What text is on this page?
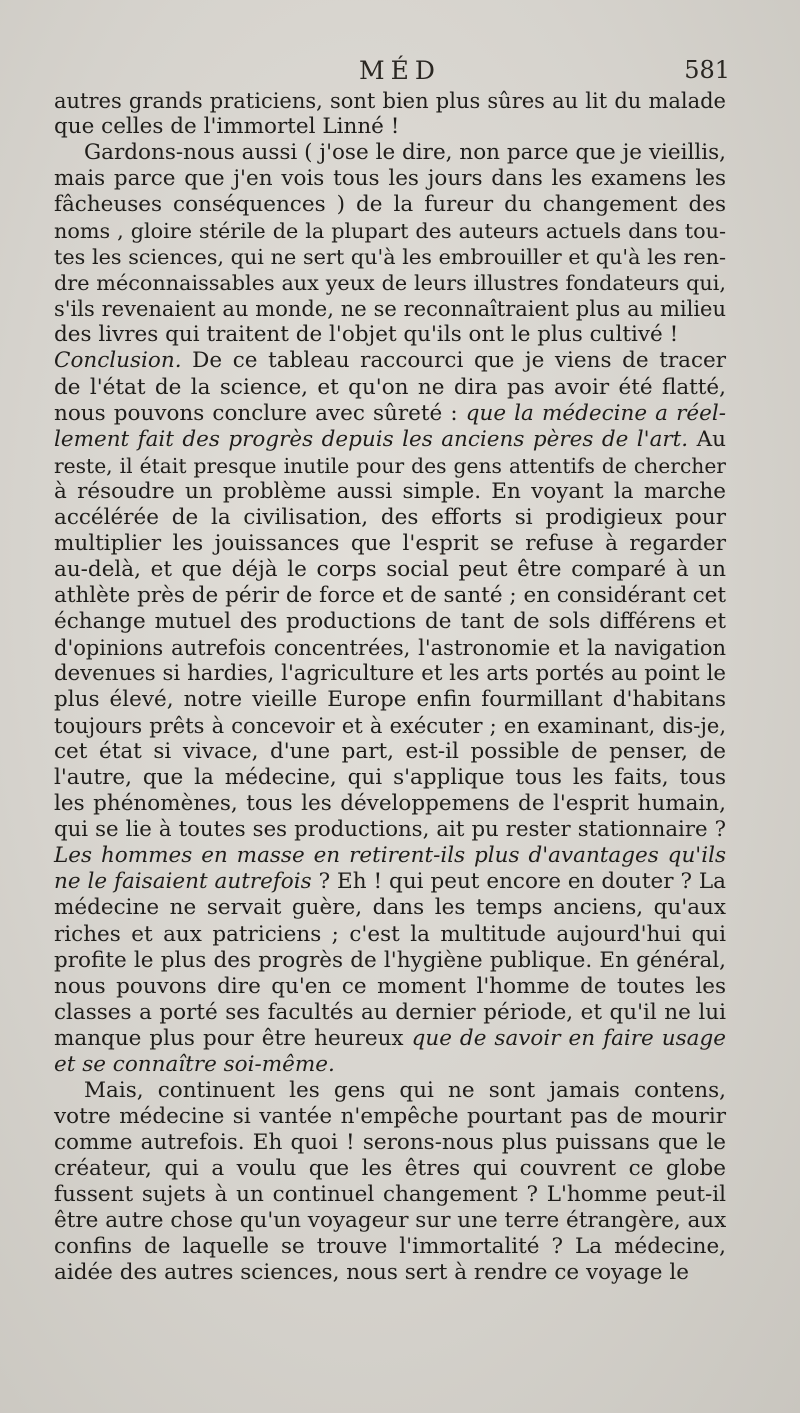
MÉD	581
autres grands praticiens, sont bien plus sûres au lit du malade
que celles de l'immortel Linné !
Gardons-nous aussi ( j'ose le dire, non parce que je vieillis,
mais parce que j'en vois tous les jours dans les examens les
fâcheuses conséquences ) de la fureur du changement des
noms , gloire stérile de la plupart des auteurs actuels dans tou-
tes les sciences, qui ne sert qu'à les embrouiller et qu'à les ren-
dre méconnaissables aux yeux de leurs illustres fondateurs qui,
s'ils revenaient au monde, ne se reconnaîtraient plus au milieu
des livres qui traitent de l'objet qu'ils ont le plus cultivé !
Conclusion. De ce tableau raccourci que je viens de tracer
de l'état de la science, et qu'on ne dira pas avoir été flatté,
nous pouvons conclure avec sûreté : que la médecine a réel-
lement fait des progrès depuis les anciens pères de l'art. Au
reste, il était presque inutile pour des gens attentifs de chercher
à résoudre un problème aussi simple. En voyant la marche
accélérée de la civilisation, des efforts si prodigieux pour
multiplier les jouissances que l'esprit se refuse à regarder
au-delà, et que déjà le corps social peut être comparé à un
athlète près de périr de force et de santé ; en considérant cet
échange mutuel des productions de tant de sols différens et
d'opinions autrefois concentrées, l'astronomie et la navigation
devenues si hardies, l'agriculture et les arts portés au point le
plus élevé, notre vieille Europe enfin fourmillant d'habitans
toujours prêts à concevoir et à exécuter ; en examinant, dis-je,
cet état si vivace, d'une part, est-il possible de penser, de
l'autre, que la médecine, qui s'applique tous les faits, tous
les phénomènes, tous les développemens de l'esprit humain,
qui se lie à toutes ses productions, ait pu rester stationnaire ?
Les hommes en masse en retirent-ils plus d'avantages qu'ils
ne le faisaient autrefois ? Eh ! qui peut encore en douter ? La
médecine ne servait guère, dans les temps anciens, qu'aux
riches et aux patriciens ; c'est la multitude aujourd'hui qui
profite le plus des progrès de l'hygiène publique. En général,
nous pouvons dire qu'en ce moment l'homme de toutes les
classes a porté ses facultés au dernier période, et qu'il ne lui
manque plus pour être heureux que de savoir en faire usage
et se connaître soi-même.
Mais, continuent les gens qui ne sont jamais contens,
votre médecine si vantée n'empêche pourtant pas de mourir
comme autrefois. Eh quoi ! serons-nous plus puissans que le
créateur, qui a voulu que les êtres qui couvrent ce globe
fussent sujets à un continuel changement ? L'homme peut-il
être autre chose qu'un voyageur sur une terre étrangère, aux
confins de laquelle se trouve l'immortalité ? La médecine,
aidée des autres sciences, nous sert à rendre ce voyage le
